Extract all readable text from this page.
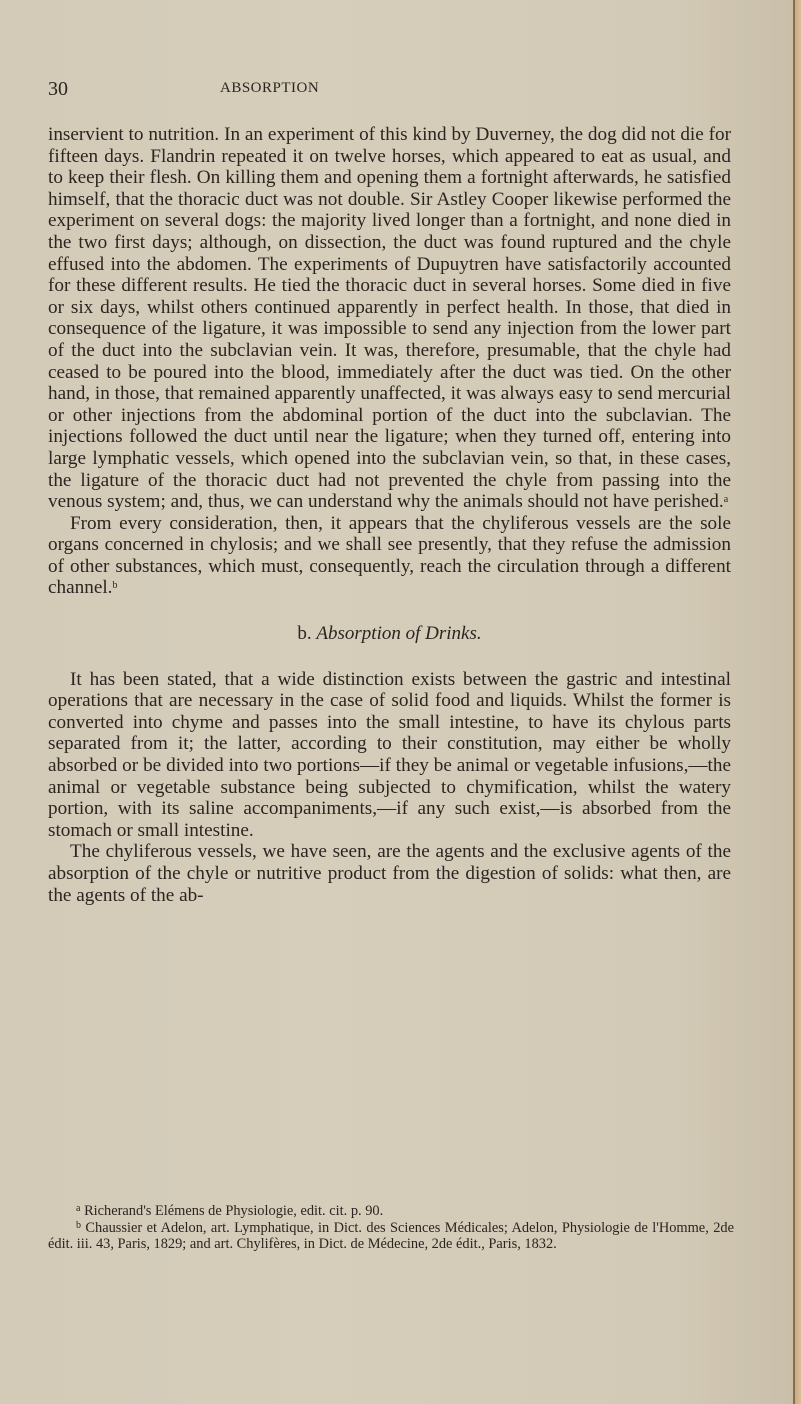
30	ABSORPTION

inservient to nutrition. In an experiment of this kind by Duverney, the dog did not die for fifteen days. Flandrin repeated it on twelve horses, which appeared to eat as usual, and to keep their flesh. On killing them and opening them a fortnight afterwards, he satisfied himself, that the thoracic duct was not double. Sir Astley Cooper likewise performed the experiment on several dogs: the majority lived longer than a fortnight, and none died in the two first days; although, on dissection, the duct was found ruptured and the chyle effused into the abdomen. The experiments of Dupuytren have satisfactorily accounted for these different results. He tied the thoracic duct in several horses. Some died in five or six days, whilst others continued apparently in perfect health. In those, that died in consequence of the ligature, it was impossible to send any injection from the lower part of the duct into the subclavian vein. It was, therefore, presumable, that the chyle had ceased to be poured into the blood, immediately after the duct was tied. On the other hand, in those, that remained apparently unaffected, it was always easy to send mercurial or other injections from the abdominal portion of the duct into the subclavian. The injections followed the duct until near the ligature; when they turned off, entering into large lymphatic vessels, which opened into the subclavian vein, so that, in these cases, the ligature of the thoracic duct had not prevented the chyle from passing into the venous system; and, thus, we can understand why the animals should not have perished.$^a$

From every consideration, then, it appears that the chyliferous vessels are the sole organs concerned in chylosis; and we shall see presently, that they refuse the admission of other substances, which must, consequently, reach the circulation through a different channel.$^b$

b. Absorption of Drinks.

It has been stated, that a wide distinction exists between the gastric and intestinal operations that are necessary in the case of solid food and liquids. Whilst the former is converted into chyme and passes into the small intestine, to have its chylous parts separated from it; the latter, according to their constitution, may either be wholly absorbed or be divided into two portions—if they be animal or vegetable infusions,—the animal or vegetable substance being subjected to chymification, whilst the watery portion, with its saline accompaniments,—if any such exist,—is absorbed from the stomach or small intestine.

The chyliferous vessels, we have seen, are the agents and the exclusive agents of the absorption of the chyle or nutritive product from the digestion of solids: what then, are the agents of the ab-

$^a$ Richerand's Elémens de Physiologie, edit. cit. p. 90.

$^b$ Chaussier et Adelon, art. Lymphatique, in Dict. des Sciences Médicales; Adelon, Physiologie de l'Homme, 2de édit. iii. 43, Paris, 1829; and art. Chylifères, in Dict. de Médecine, 2de édit., Paris, 1832.
